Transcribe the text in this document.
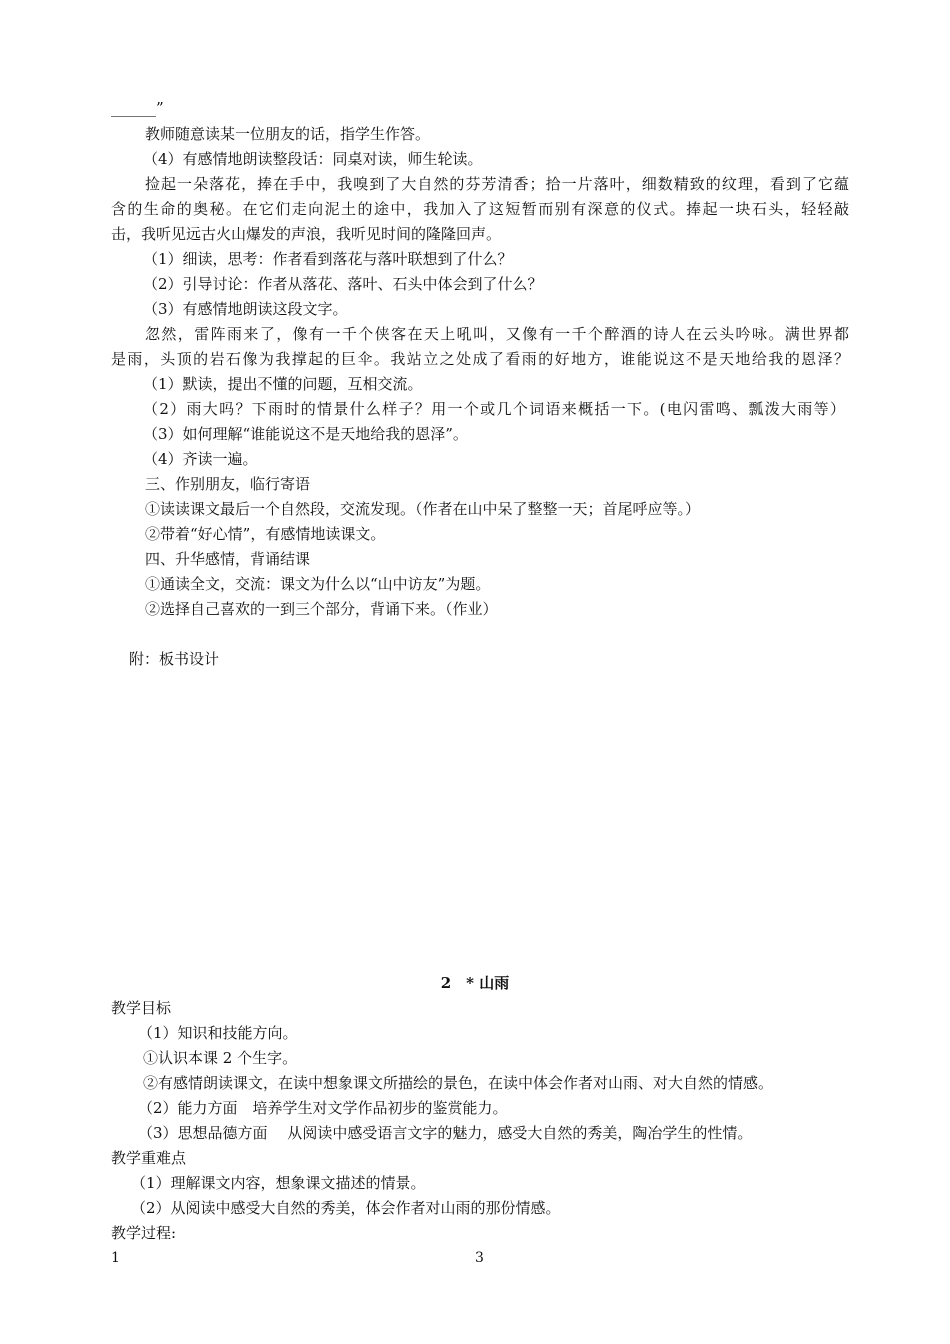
______”
教师随意读某一位朋友的话，指学生作答。
（4）有感情地朗读整段话：同桌对读，师生轮读。
捡起一朵落花，捧在手中，我嗅到了大自然的芬芳清香；拾一片落叶，细数精致的纹理，看到了它蕴
含的生命的奥秘。在它们走向泥土的途中，我加入了这短暂而别有深意的仪式。捧起一块石头，轻轻敲
击，我听见远古火山爆发的声浪，我听见时间的隆隆回声。
（1）细读，思考：作者看到落花与落叶联想到了什么？
（2）引导讨论：作者从落花、落叶、石头中体会到了什么？
（3）有感情地朗读这段文字。
忽然，雷阵雨来了，像有一千个侠客在天上吼叫，又像有一千个醉酒的诗人在云头吟咏。满世界都
是雨，头顶的岩石像为我撑起的巨伞。我站立之处成了看雨的好地方，谁能说这不是天地给我的恩泽？
（1）默读，提出不懂的问题，互相交流。
（2）雨大吗？下雨时的情景什么样子？用一个或几个词语来概括一下。(电闪雷鸣、瓢泼大雨等）
（3）如何理解“谁能说这不是天地给我的恩泽”。
（4）齐读一遍。
三、作别朋友，临行寄语
①读读课文最后一个自然段，交流发现。（作者在山中呆了整整一天；首尾呼应等。）
②带着“好心情”，有感情地读课文。
四、升华感情，背诵结课
①通读全文，交流：课文为什么以“山中访友”为题。
②选择自己喜欢的一到三个部分，背诵下来。（作业）
附：板书设计
2　* 山雨
教学目标
（1）知识和技能方向。
①认识本课 2 个生字。
②有感情朗读课文，在读中想象课文所描绘的景色，在读中体会作者对山雨、对大自然的情感。
（2）能力方面　培养学生对文学作品初步的鉴赏能力。
（3）思想品德方面　 从阅读中感受语言文字的魅力，感受大自然的秀美，陶冶学生的性情。
教学重难点
（1）理解课文内容，想象课文描述的情景。
（2）从阅读中感受大自然的秀美，体会作者对山雨的那份情感。
教学过程:
1	3
